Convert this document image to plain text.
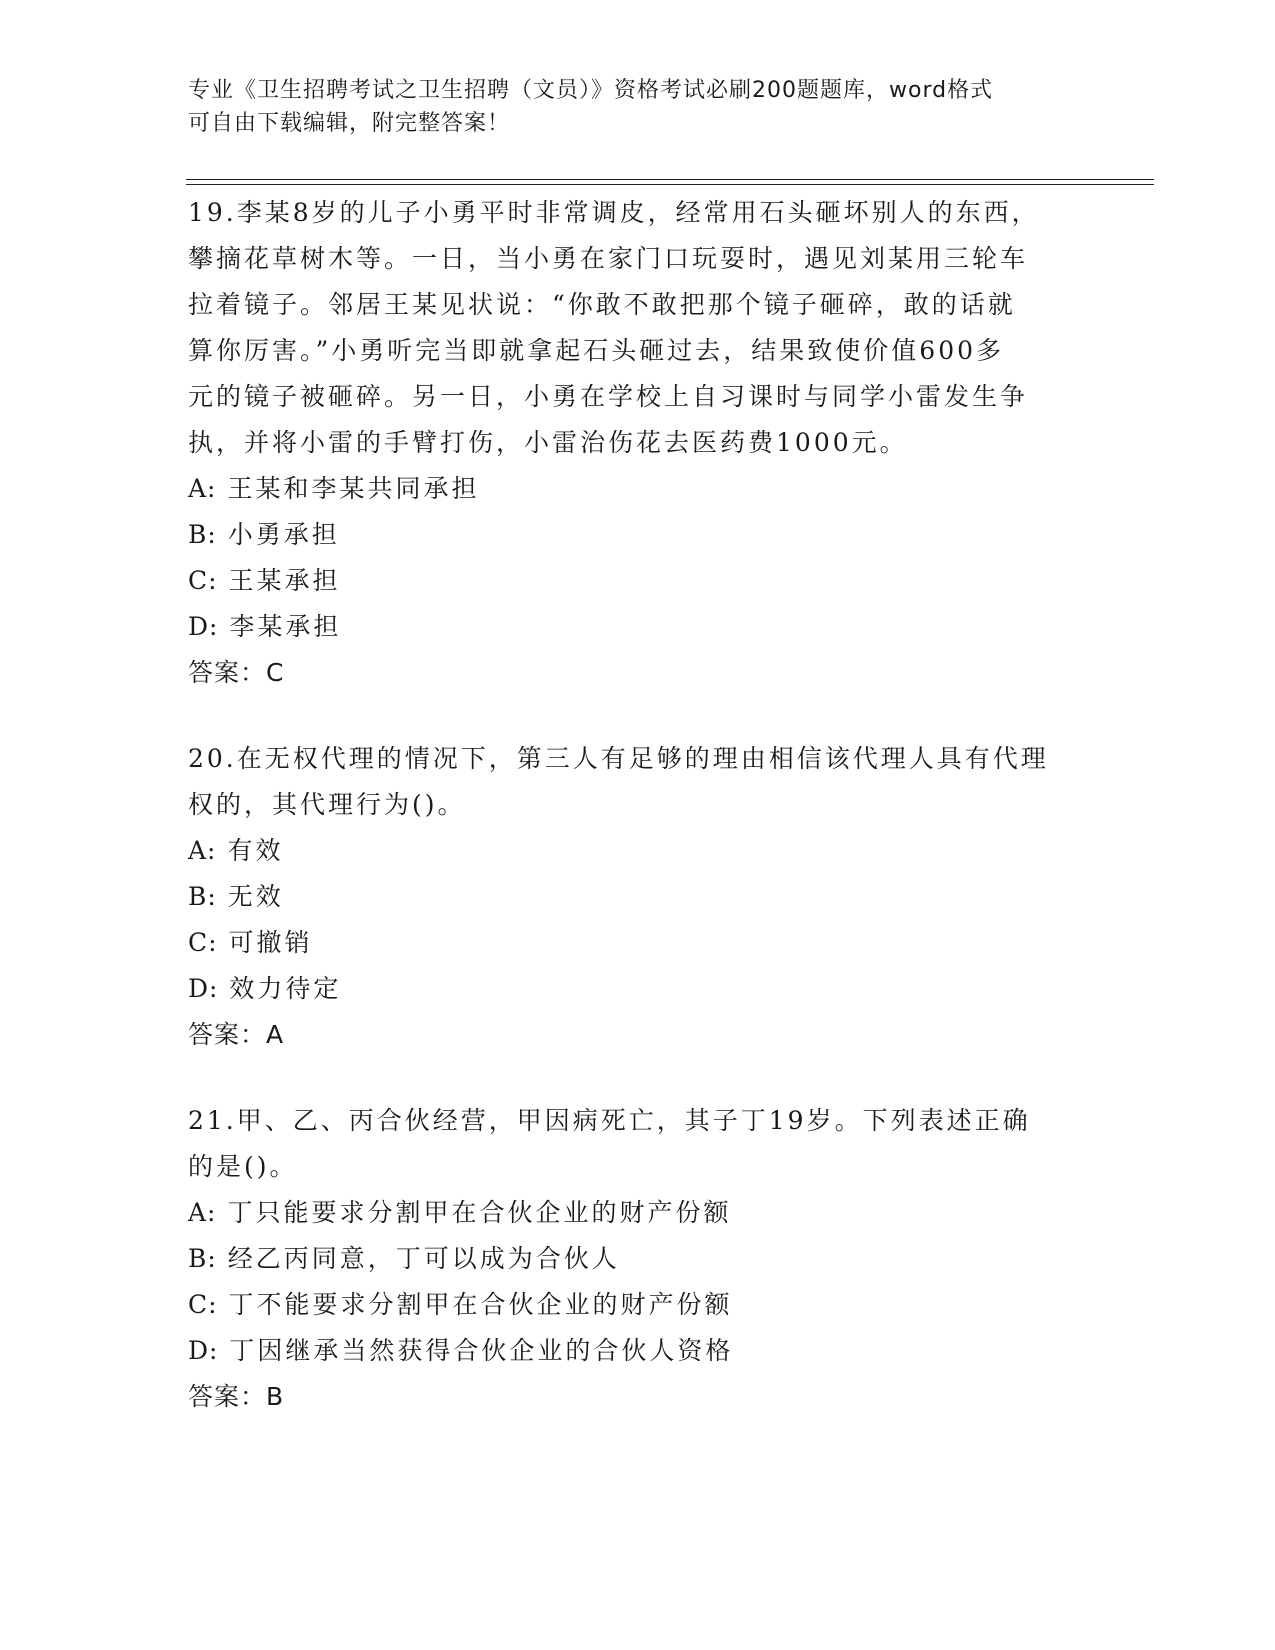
专业《卫生招聘考试之卫生招聘（文员）》资格考试必刷200题题库，word格式
可自由下载编辑，附完整答案！
19.李某8岁的儿子小勇平时非常调皮，经常用石头砸坏别人的东西，
攀摘花草树木等。一日，当小勇在家门口玩耍时，遇见刘某用三轮车
拉着镜子。邻居王某见状说：“你敢不敢把那个镜子砸碎，敢的话就
算你厉害。”小勇听完当即就拿起石头砸过去，结果致使价值600多
元的镜子被砸碎。另一日，小勇在学校上自习课时与同学小雷发生争
执，并将小雷的手臂打伤，小雷治伤花去医药费1000元。
A: 王某和李某共同承担
B: 小勇承担
C: 王某承担
D: 李某承担
答案：C
20.在无权代理的情况下，第三人有足够的理由相信该代理人具有代理
权的，其代理行为()。
A: 有效
B: 无效
C: 可撤销
D: 效力待定
答案：A
21.甲、乙、丙合伙经营，甲因病死亡，其子丁19岁。下列表述正确
的是()。
A: 丁只能要求分割甲在合伙企业的财产份额
B: 经乙丙同意，丁可以成为合伙人
C: 丁不能要求分割甲在合伙企业的财产份额
D: 丁因继承当然获得合伙企业的合伙人资格
答案：B
